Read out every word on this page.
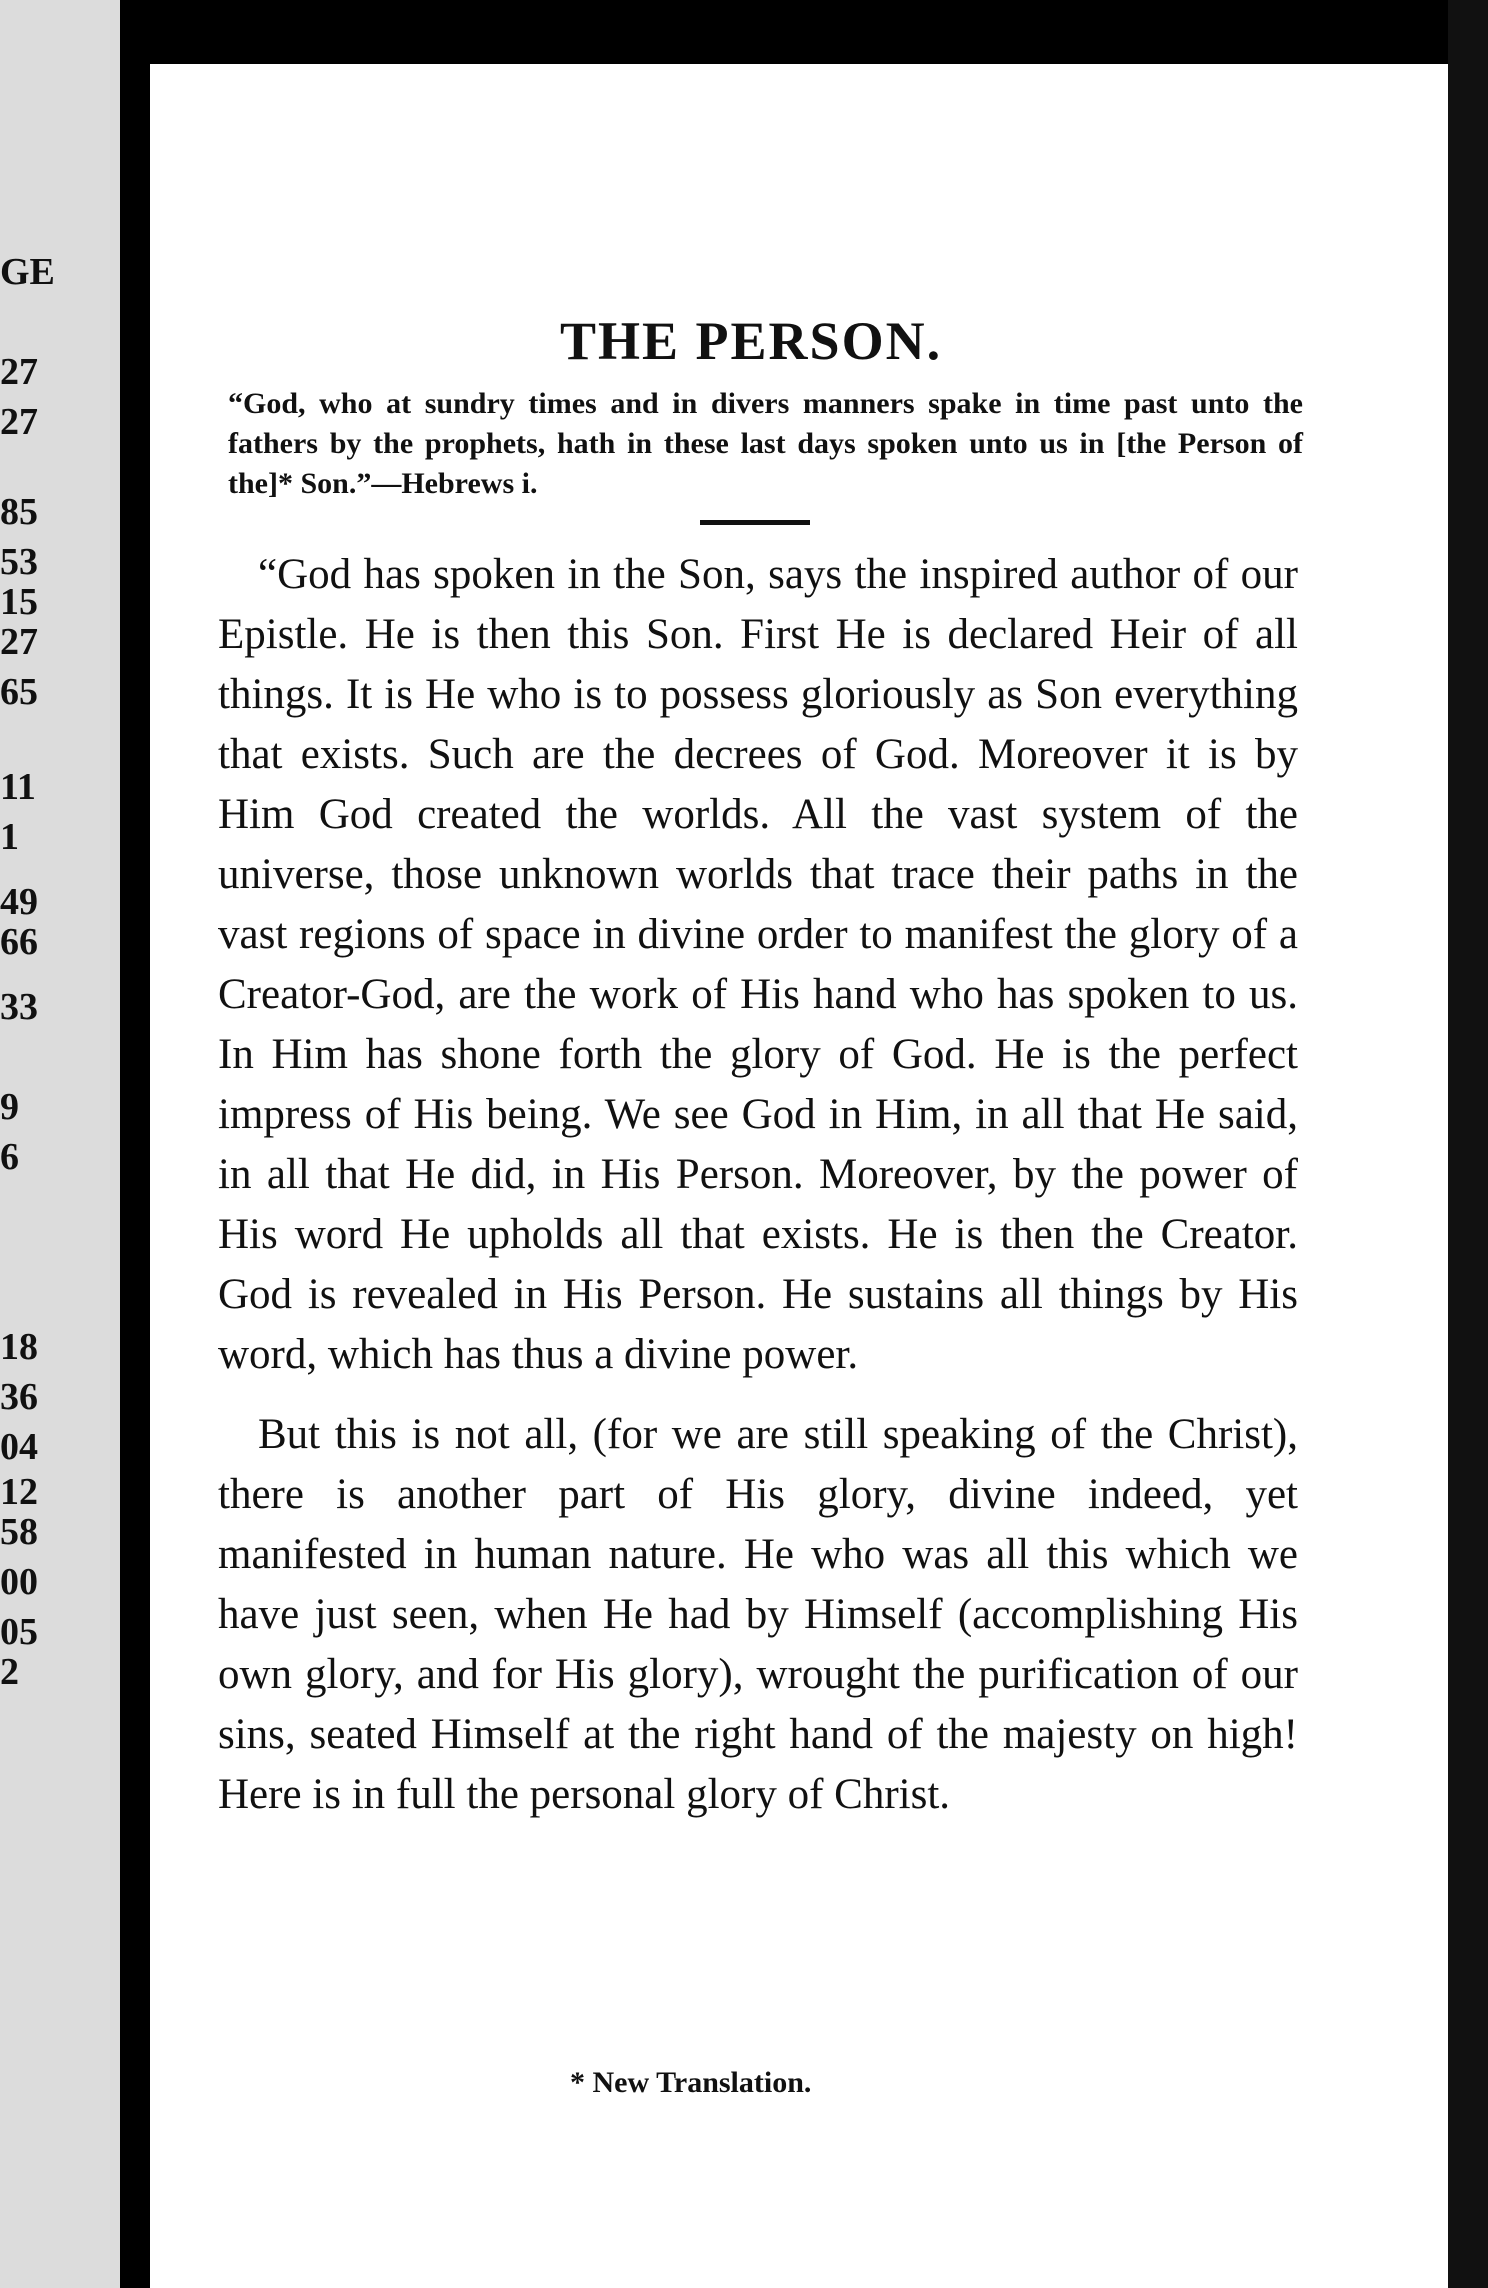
GE
27
27
85
53
15
27
65
11
1
49
66
33
9
6
18
36
04
12
58
00
05
2
THE PERSON.
“God, who at sundry times and in divers manners spake in time past unto the fathers by the prophets, hath in these last days spoken unto us in [the Person of the]* Son.”—Hebrews i.

“God has spoken in the Son, says the inspired author of our Epistle. He is then this Son. First He is declared Heir of all things. It is He who is to possess gloriously as Son everything that exists. Such are the decrees of God. Moreover it is by Him God created the worlds. All the vast system of the universe, those unknown worlds that trace their paths in the vast regions of space in divine order to manifest the glory of a Creator-God, are the work of His hand who has spoken to us. In Him has shone forth the glory of God. He is the perfect impress of His being. We see God in Him, in all that He said, in all that He did, in His Person. Moreover, by the power of His word He upholds all that exists. He is then the Creator. God is revealed in His Person. He sustains all things by His word, which has thus a divine power.

But this is not all, (for we are still speaking of the Christ), there is another part of His glory, divine indeed, yet manifested in human nature. He who was all this which we have just seen, when He had by Himself (accomplishing His own glory, and for His glory), wrought the purification of our sins, seated Himself at the right hand of the majesty on high! Here is in full the personal glory of Christ.

* New Translation.
